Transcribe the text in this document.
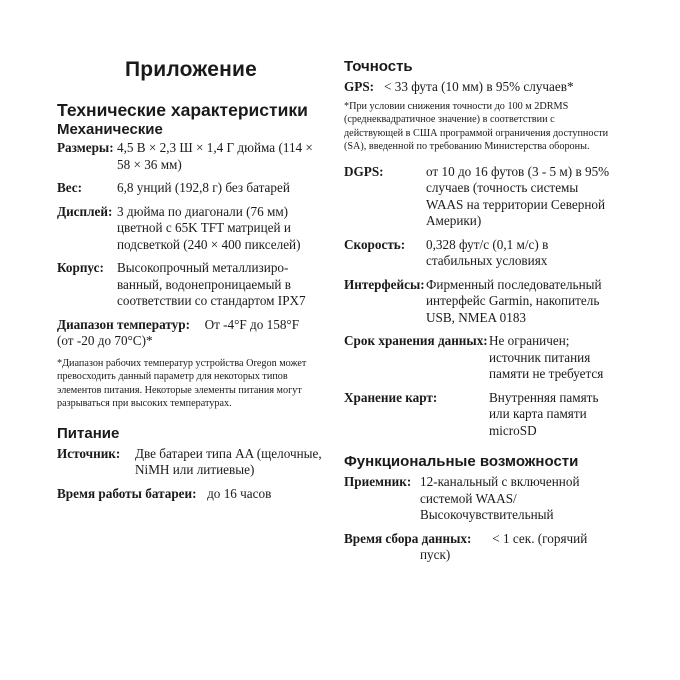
Приложение
Технические характеристики
Механические
Размеры: 4,5 В × 2,3 Ш × 1,4 Г дюйма (114 × 58 × 36 мм)
Вес:	6,8 унций (192,8 г) без батарей
Дисплей: 3 дюйма по диагонали (76 мм) цветной с 65K TFT матрицей и подсветкой (240 × 400 пикселей)
Корпус: Высокопрочный металлизиро-ванный, водонепроницаемый в соответствии со стандартом IPX7
Диапазон температур: От -4°F до 158°F
(от -20 до 70°C)*
*Диапазон рабочих температур устройства Oregon может превосходить данный параметр для некоторых типов элементов питания. Некоторые элементы питания могут разрываться при высоких температурах.
Питание
Источник:	Две батареи типа AA (щелочные, NiMH или литиевые)
Время работы батареи: до 16 часов
Точность
GPS: < 33 фута (10 мм) в 95% случаев*
*При условии снижения точности до 100 м 2DRMS (среднеквадратичное значение) в соответствии с действующей в США программой ограничения доступности (SA), введенной по требованию Министерства обороны.
DGPS:	от 10 до 16 футов (3 - 5 м) в 95% случаев (точность системы WAAS на территории Северной Америки)
Скорость:	0,328 фут/с (0,1 м/с) в стабильных условиях
Интерфейсы: Фирменный последовательный интерфейс Garmin, накопитель USB, NMEA 0183
Срок хранения данных: Не ограничен; источник питания памяти не требуется
Хранение карт:	Внутренняя память или карта памяти microSD
Функциональные возможности
Приемник: 12-канальный с включенной системой WAAS/ Высокочувствительный
Время сбора данных: < 1 сек. (горячий
пуск)
